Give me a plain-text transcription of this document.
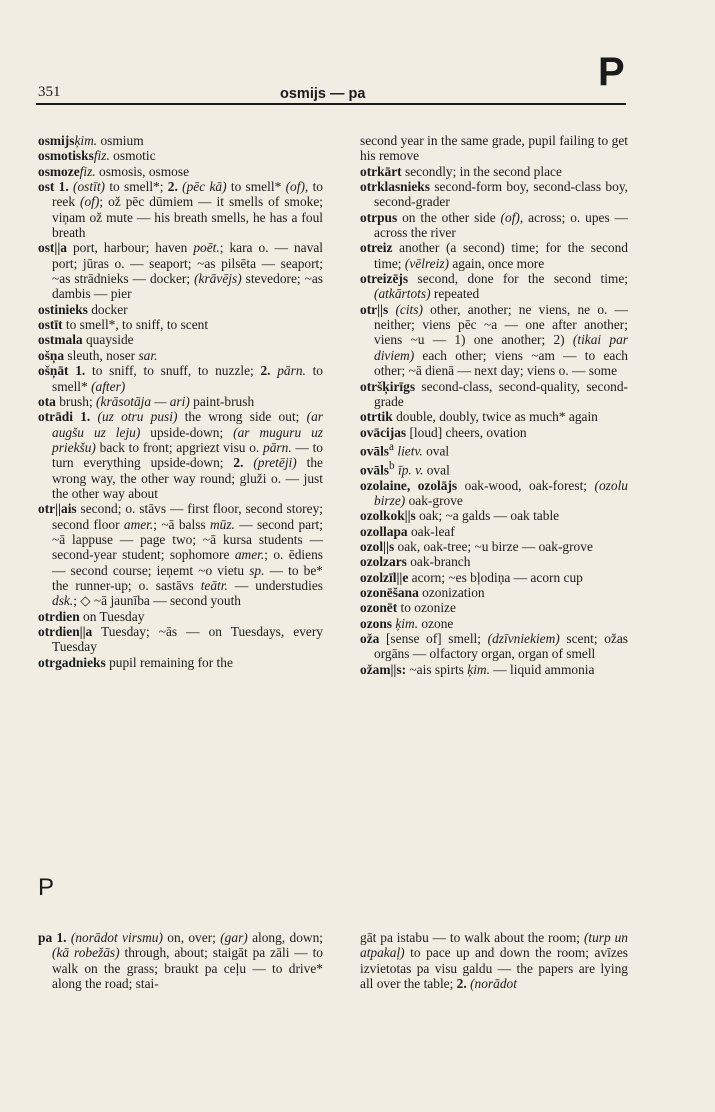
351	osmijs — pa	P
osmijsķim. osmium
osmotisksfiz. osmotic
osmozefiz. osmosis, osmose
ost 1. (ostīt) to smell*; 2. (pēc kā) to smell* (of), to reek (of); ož pēc dūmiem — it smells of smoke; viņam ož mute — his breath smells, he has a foul breath
ost||a port, harbour; haven poēt.; kara o. — naval port; jūras o. — seaport; ~as pilsēta — seaport; ~as strādnieks — docker; (krāvējs) stevedore; ~as dambis — pier
ostinieks docker
ostīt to smell*, to sniff, to scent
ostmala quayside
ošņa sleuth, noser sar.
ošņāt 1. to sniff, to snuff, to nuzzle; 2. pārn. to smell* (after)
ota brush; (krāsotāja — ari) paint-brush
otrādi 1. (uz otru pusi) the wrong side out; (ar augšu uz leju) upside-down; (ar muguru uz priekšu) back to front; apgriezt visu o. pārn. — to turn everything upside-down; 2. (pretēji) the wrong way, the other way round; gluži o. — just the other way about
otr||ais second; o. stāvs — first floor, second storey; second floor amer.; ~ā balss mūz. — second part; ~ā lappuse — page two; ~ā kursa students — second-year student; sophomore amer.; o. ēdiens — second course; ieņemt ~o vietu sp. — to be* the runner-up; o. sastāvs teātr. — understudies dsk.; ◇ ~ā jaunība — second youth
otrdien on Tuesday
otrdien||a Tuesday; ~ās — on Tuesdays, every Tuesday
otrgadnieks pupil remaining for the
second year in the same grade, pupil failing to get his remove
otrkārt secondly; in the second place
otrklasnieks second-form boy, second-class boy, second-grader
otrpus on the other side (of), across; o. upes — across the river
otreiz another (a second) time; for the second time; (vēlreiz) again, once more
otreizējs second, done for the second time; (atkārtots) repeated
otr||s (cits) other, another; ne viens, ne o. — neither; viens pēc ~a — one after another; viens ~u — 1) one another; 2) (tikai par diviem) each other; viens ~am — to each other; ~ā dienā — next day; viens o. — some
otršķirīgs second-class, second-quality, second-grade
otrtik double, doubly, twice as much* again
ovācijas [loud] cheers, ovation
ovāls$^a$ lietv. oval
ovāls$^b$ īp. v. oval
ozolaine, ozolājs oak-wood, oak-forest; (ozolu birze) oak-grove
ozolkok||s oak; ~a galds — oak table
ozollapa oak-leaf
ozol||s oak, oak-tree; ~u birze — oak-grove
ozolzars oak-branch
ozolzīl||e acorn; ~es bļodiņa — acorn cup
ozonēšana ozonization
ozonēt to ozonize
ozons ķim. ozone
oža [sense of] smell; (dzīvniekiem) scent; ožas orgāns — olfactory organ, organ of smell
ožam||s: ~ais spirts ķim. — liquid ammonia
P
pa 1. (norādot virsmu) on, over; (gar) along, down; (kā robežās) through, about; staigāt pa zāli — to walk on the grass; braukt pa ceļu — to drive* along the road; stai-
gāt pa istabu — to walk about the room; (turp un atpakaļ) to pace up and down the room; avīzes izvietotas pa visu galdu — the papers are lying all over the table; 2. (norādot
